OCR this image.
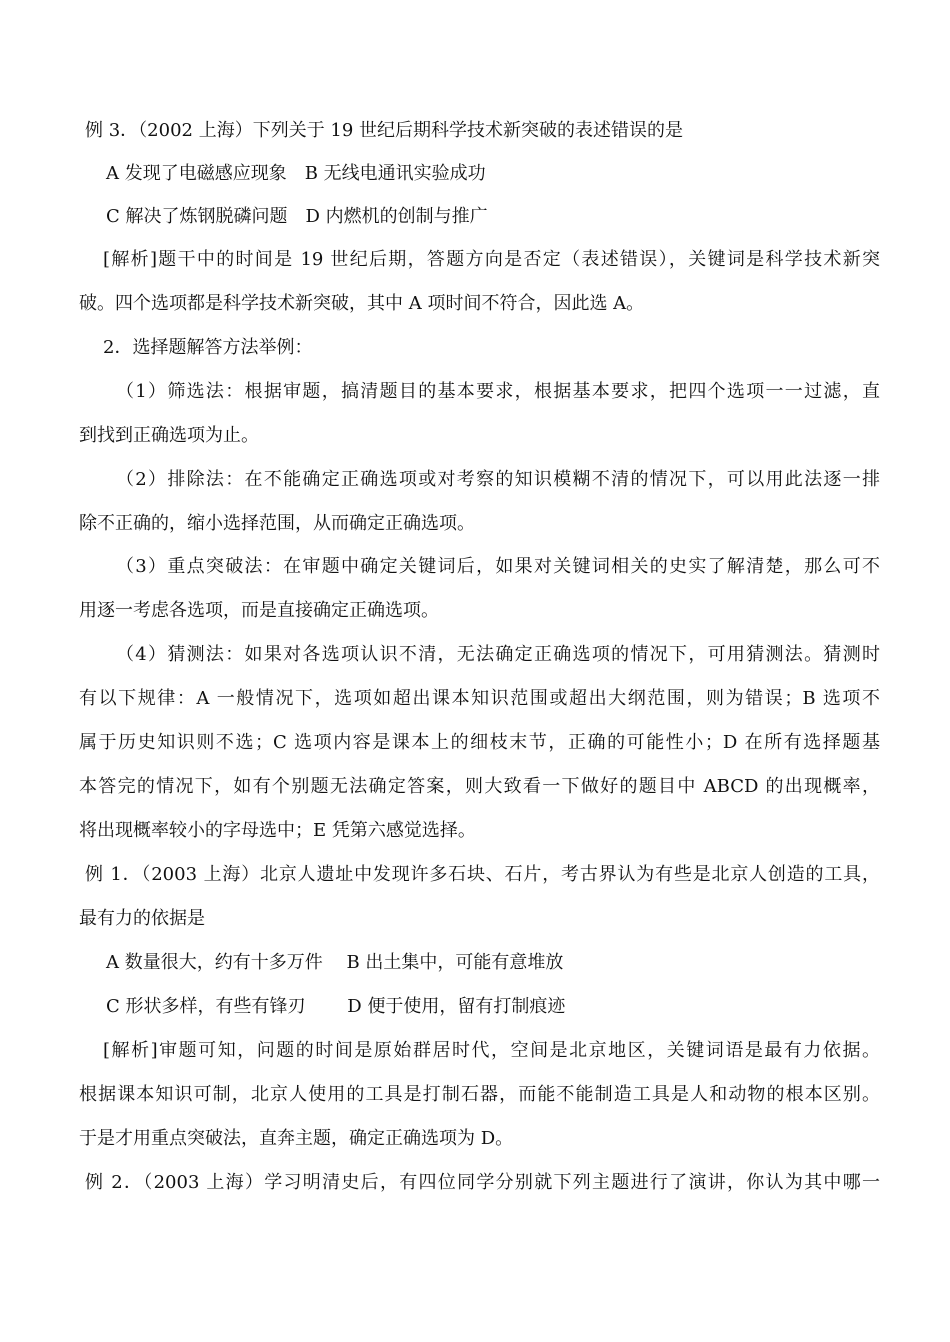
例 3．（2002 上海）下列关于 19 世纪后期科学技术新突破的表述错误的是
A 发现了电磁感应现象　B 无线电通讯实验成功
C 解决了炼钢脱磷问题　D 内燃机的创制与推广
[解析]题干中的时间是 19 世纪后期，答题方向是否定（表述错误），关键词是科学技术新突
破。四个选项都是科学技术新突破，其中 A 项时间不符合，因此选 A。
2．选择题解答方法举例：
（1）筛选法：根据审题，搞清题目的基本要求，根据基本要求，把四个选项一一过滤，直
到找到正确选项为止。
（2）排除法：在不能确定正确选项或对考察的知识模糊不清的情况下，可以用此法逐一排
除不正确的，缩小选择范围，从而确定正确选项。
（3）重点突破法：在审题中确定关键词后，如果对关键词相关的史实了解清楚，那么可不
用逐一考虑各选项，而是直接确定正确选项。
（4）猜测法：如果对各选项认识不清，无法确定正确选项的情况下，可用猜测法。猜测时
有以下规律：A 一般情况下，选项如超出课本知识范围或超出大纲范围，则为错误；B 选项不
属于历史知识则不选；C 选项内容是课本上的细枝末节，正确的可能性小；D 在所有选择题基
本答完的情况下，如有个别题无法确定答案，则大致看一下做好的题目中 ABCD 的出现概率，
将出现概率较小的字母选中；E 凭第六感觉选择。
例 1．（2003 上海）北京人遗址中发现许多石块、石片，考古界认为有些是北京人创造的工具，
最有力的依据是
A 数量很大，约有十多万件　 B 出土集中，可能有意堆放
C 形状多样，有些有锋刃　　 D 便于使用，留有打制痕迹
[解析]审题可知，问题的时间是原始群居时代，空间是北京地区，关键词语是最有力依据。
根据课本知识可制，北京人使用的工具是打制石器，而能不能制造工具是人和动物的根本区别。
于是才用重点突破法，直奔主题，确定正确选项为 D。
例 2．（2003 上海）学习明清史后，有四位同学分别就下列主题进行了演讲，你认为其中哪一
